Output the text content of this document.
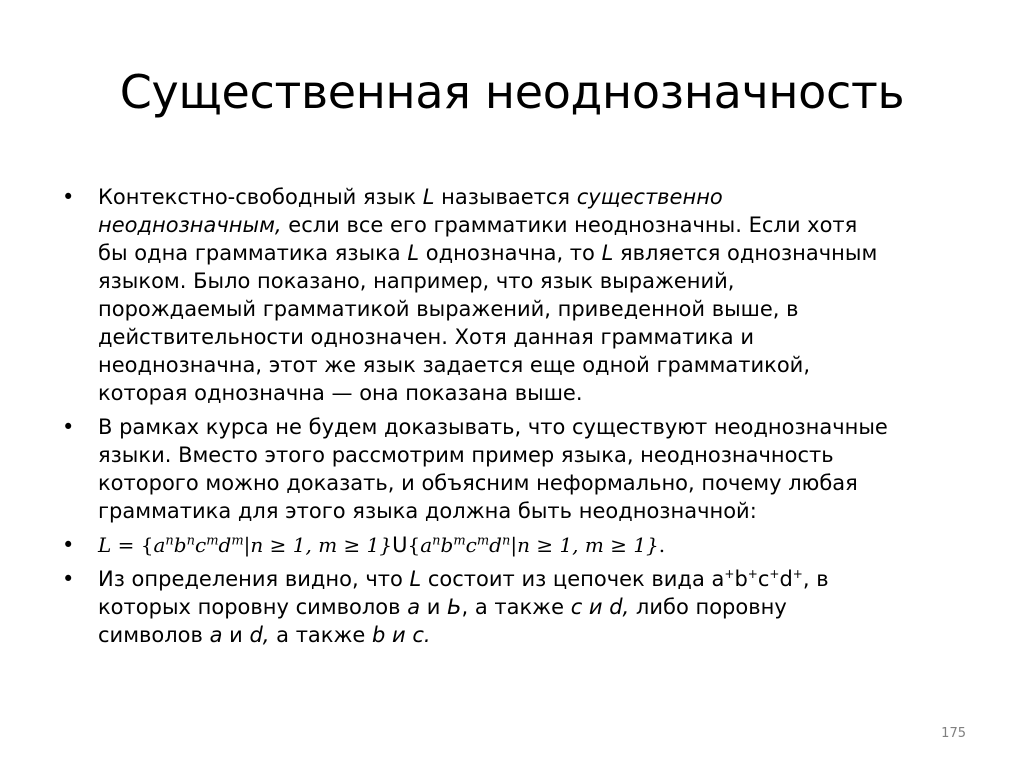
Существенная неоднозначность
• Контекстно-свободный язык L называется существенно неоднозначным, если все его грамматики неоднозначны. Если хотя бы одна грамматика языка L однозначна, то L является однозначным языком. Было показано, например, что язык выражений, порождаемый грамматикой выражений, приведенной выше, в действительности однозначен. Хотя данная грамматика и неоднозначна, этот же язык задается еще одной грамматикой, которая однозначна — она показана выше.
• В рамках курса не будем доказывать, что существуют неоднозначные языки. Вместо этого рассмотрим пример языка, неоднозначность которого можно доказать, и объясним неформально, почему любая грамматика для этого языка должна быть неоднозначной:
• $L = \{a^nb^nc^md^m|n \ge 1$, $m \ge 1\}U\{a^nb^mc^md^n|n \ge 1$, m ≥ 1}.
• Из определения видно, что L состоит из цепочек вида a+b+c+d+, в которых поровну символов a и Ь, а также с и d, либо поровну символов a и d, а также b и с.
175
